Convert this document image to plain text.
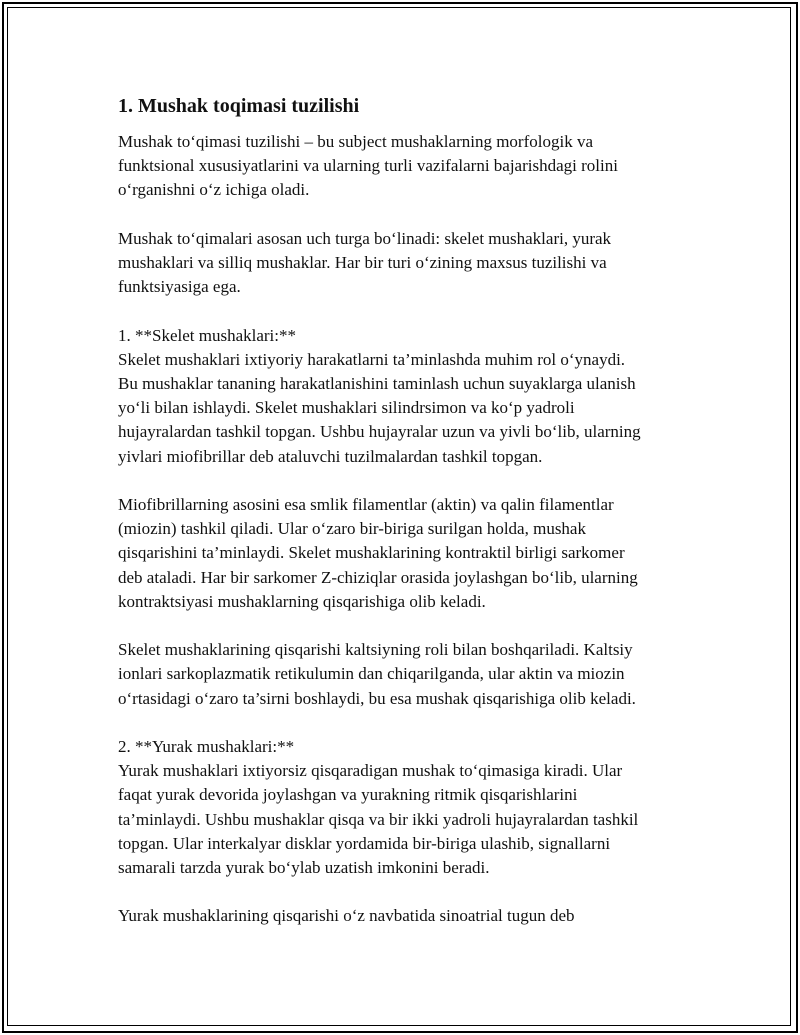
1. Mushak toqimasi tuzilishi

Mushak to‘qimasi tuzilishi – bu subject mushaklarning morfologik va
funktsional xususiyatlarini va ularning turli vazifalarni bajarishdagi rolini
o‘rganishni o‘z ichiga oladi.

Mushak to‘qimalari asosan uch turga bo‘linadi: skelet mushaklari, yurak
mushaklari va silliq mushaklar. Har bir turi o‘zining maxsus tuzilishi va
funktsiyasiga ega.

1. **Skelet mushaklari:**
Skelet mushaklari ixtiyoriy harakatlarni ta’minlashda muhim rol o‘ynaydi.
Bu mushaklar tananing harakatlanishini taminlash uchun suyaklarga ulanish
yo‘li bilan ishlaydi. Skelet mushaklari silindrsimon va ko‘p yadroli
hujayralardan tashkil topgan. Ushbu hujayralar uzun va yivli bo‘lib, ularning
yivlari miofibrillar deb ataluvchi tuzilmalardan tashkil topgan.

Miofibrillarning asosini esa smlik filamentlar (aktin) va qalin filamentlar
(miozin) tashkil qiladi. Ular o‘zaro bir-biriga surilgan holda, mushak
qisqarishini ta’minlaydi. Skelet mushaklarining kontraktil birligi sarkomer
deb ataladi. Har bir sarkomer Z-chiziqlar orasida joylashgan bo‘lib, ularning
kontraktsiyasi mushaklarning qisqarishiga olib keladi.

Skelet mushaklarining qisqarishi kaltsiyning roli bilan boshqariladi. Kaltsiy
ionlari sarkoplazmatik retikulumin dan chiqarilganda, ular aktin va miozin
o‘rtasidagi o‘zaro ta’sirni boshlaydi, bu esa mushak qisqarishiga olib keladi.

2. **Yurak mushaklari:**
Yurak mushaklari ixtiyorsiz qisqaradigan mushak to‘qimasiga kiradi. Ular
faqat yurak devorida joylashgan va yurakning ritmik qisqarishlarini
ta’minlaydi. Ushbu mushaklar qisqa va bir ikki yadroli hujayralardan tashkil
topgan. Ular interkalyar disklar yordamida bir-biriga ulashib, signallarni
samarali tarzda yurak bo‘ylab uzatish imkonini beradi.

Yurak mushaklarining qisqarishi o‘z navbatida sinoatrial tugun deb
